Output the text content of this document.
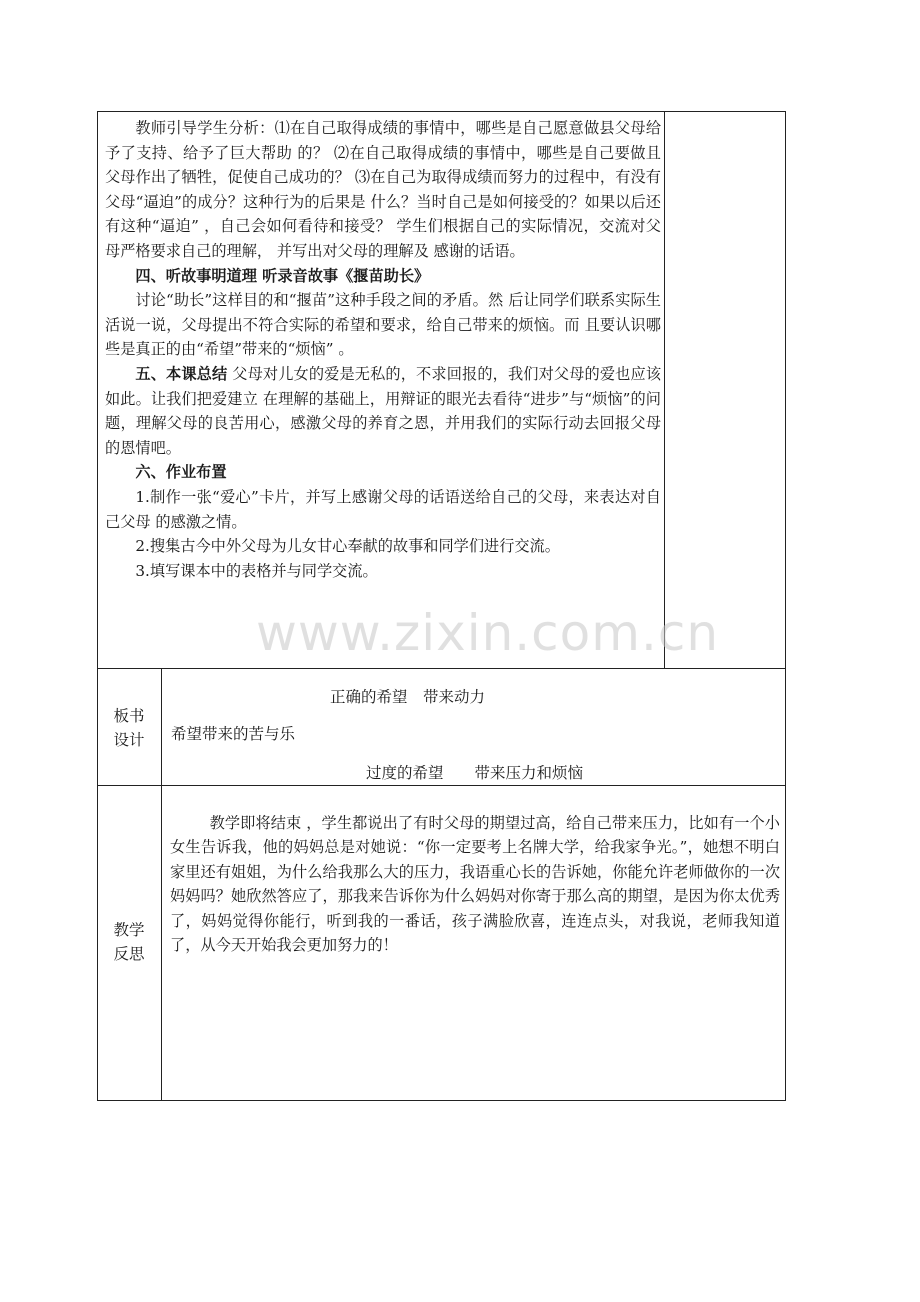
教师引导学生分析：⑴在自己取得成绩的事情中，哪些是自己愿意做县父母给予了支持、给予了巨大帮助 的？ ⑵在自己取得成绩的事情中，哪些是自己要做且父母作出了牺牲，促使自己成功的？ ⑶在自己为取得成绩而努力的过程中，有没有父母“逼迫”的成分？这种行为的后果是 什么？当时自己是如何接受的？如果以后还有这种“逼迫” ，自己会如何看待和接受？ 学生们根据自己的实际情况，交流对父母严格要求自己的理解， 并写出对父母的理解及 感谢的话语。

四、听故事明道理 听录音故事《揠苗助长》

讨论“助长”这样目的和“揠苗”这种手段之间的矛盾。然 后让同学们联系实际生活说一说，父母提出不符合实际的希望和要求，给自己带来的烦恼。而 且要认识哪些是真正的由“希望”带来的“烦恼” 。

五、本课总结 父母对儿女的爱是无私的，不求回报的，我们对父母的爱也应该如此。让我们把爱建立 在理解的基础上，用辩证的眼光去看待“进步”与“烦恼”的问题，理解父母的良苦用心，感激父母的养育之恩，并用我们的实际行动去回报父母的恩情吧。

六、作业布置

1.制作一张“爱心”卡片，并写上感谢父母的话语送给自己的父母，来表达对自己父母 的感激之情。

2.搜集古今中外父母为儿女甘心奉献的故事和同学们进行交流。

3.填写课本中的表格并与同学交流。

板书
设计
正确的希望　带来动力
希望带来的苦与乐
过度的希望　　带来压力和烦恼
教学
反思

教学即将结束 ，学生都说出了有时父母的期望过高，给自己带来压力，比如有一个小女生告诉我，他的妈妈总是对她说：“你一定要考上名牌大学，给我家争光。”，她想不明白家里还有姐姐，为什么给我那么大的压力，我语重心长的告诉她，你能允许老师做你的一次妈妈吗？她欣然答应了，那我来告诉你为什么妈妈对你寄于那么高的期望，是因为你太优秀了，妈妈觉得你能行，听到我的一番话，孩子满脸欣喜，连连点头，对我说，老师我知道了，从今天开始我会更加努力的！

www.zixin.com.cn
